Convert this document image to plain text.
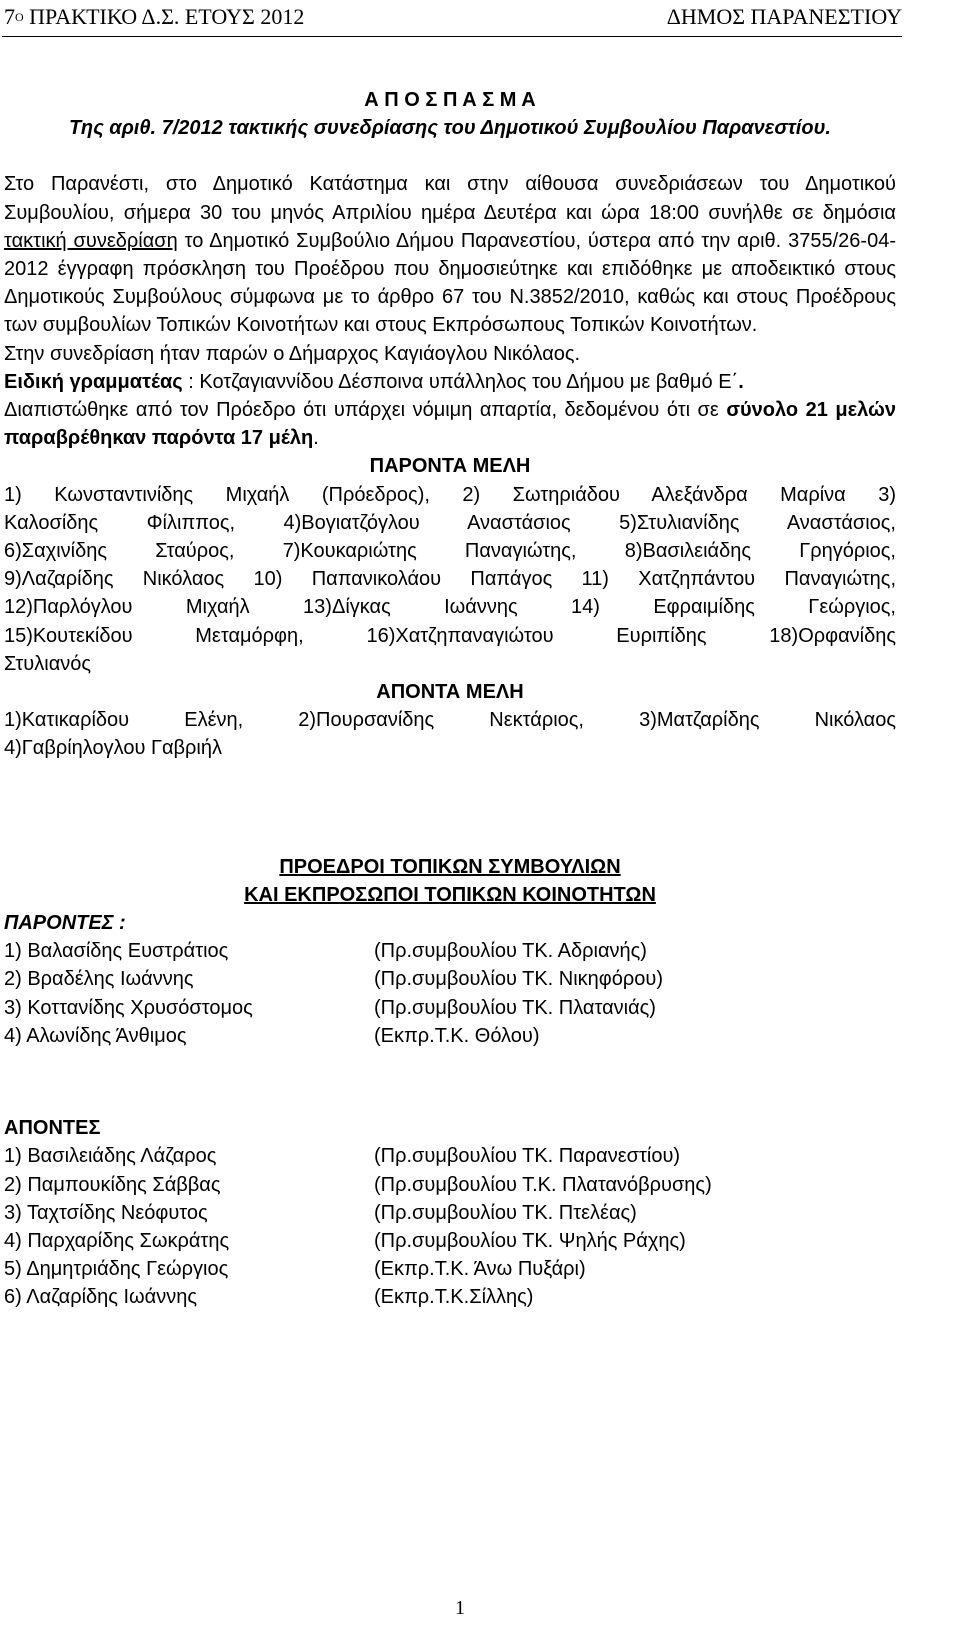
$7^O$ ΠΡΑΚΤΙΚΟ Δ.Σ. ΕΤΟΥΣ 2012	ΔΗΜΟΣ ΠΑΡΑΝΕΣΤΙΟΥ

Α Π Ο Σ Π Α Σ Μ Α

Της αριθ. 7/2012 τακτικής συνεδρίασης του Δημοτικού Συμβουλίου Παρανεστίου.

Στο Παρανέστι, στο Δημοτικό Κατάστημα και στην αίθουσα συνεδριάσεων του Δημοτικού Συμβουλίου, σήμερα 30 του μηνός Απριλίου ημέρα Δευτέρα και ώρα 18:00 συνήλθε σε δημόσια τακτική συνεδρίαση το Δημοτικό Συμβούλιο Δήμου Παρανεστίου, ύστερα από την αριθ. 3755/26-04-2012 έγγραφη πρόσκληση του Προέδρου που δημοσιεύτηκε και επιδόθηκε με αποδεικτικό στους Δημοτικούς Συμβούλους σύμφωνα με το άρθρο 67 του Ν.3852/2010, καθώς και στους Προέδρους των συμβουλίων Τοπικών Κοινοτήτων και στους Εκπρόσωπους Τοπικών Κοινοτήτων.

Στην συνεδρίαση ήταν παρών ο Δήμαρχος Καγιάογλου Νικόλαος.

Ειδική γραμματέας : Κοτζαγιαννίδου Δέσποινα υπάλληλος του Δήμου με βαθμό Ε΄.

Διαπιστώθηκε από τον Πρόεδρο ότι υπάρχει νόμιμη απαρτία, δεδομένου ότι σε σύνολο 21 μελών παραβρέθηκαν παρόντα 17 μέλη.

ΠΑΡΟΝΤΑ ΜΕΛΗ

1) Κωνσταντινίδης Μιχαήλ (Πρόεδρος), 2) Σωτηριάδου Αλεξάνδρα Μαρίνα 3)

Καλοσίδης Φίλιππος, 4)Βογιατζόγλου Αναστάσιος 5)Στυλιανίδης Αναστάσιος,

6)Σαχινίδης Σταύρος, 7)Κουκαριώτης Παναγιώτης, 8)Βασιλειάδης Γρηγόριος,

9)Λαζαρίδης Νικόλαος 10) Παπανικολάου Παπάγος 11) Χατζηπάντου Παναγιώτης,

12)Παρλόγλου Μιχαήλ 13)Δίγκας Ιωάννης 14) Εφραιμίδης Γεώργιος,

15)Κουτεκίδου Μεταμόρφη, 16)Χατζηπαναγιώτου Ευριπίδης 18)Ορφανίδης

Στυλιανός

ΑΠΟΝΤΑ ΜΕΛΗ

1)Κατικαρίδου Ελένη, 2)Πουρσανίδης Νεκτάριος, 3)Ματζαρίδης Νικόλαος

4)Γαβρίηλογλου Γαβριήλ

ΠΡΟΕΔΡΟΙ ΤΟΠΙΚΩΝ ΣΥΜΒΟΥΛΙΩΝ

ΚΑΙ ΕΚΠΡΟΣΩΠΟΙ ΤΟΠΙΚΩΝ ΚΟΙΝΟΤΗΤΩΝ

ΠΑΡΟΝΤΕΣ :

1) Βαλασίδης Ευστράτιος	(Πρ.συμβουλίου ΤΚ. Αδριανής)
2) Βραδέλης Ιωάννης	(Πρ.συμβουλίου ΤΚ. Νικηφόρου)
3) Κοττανίδης Χρυσόστομος	(Πρ.συμβουλίου ΤΚ. Πλατανιάς)
4) Αλωνίδης Άνθιμος	(Εκπρ.Τ.Κ. Θόλου)

ΑΠΟΝΤΕΣ

1) Βασιλειάδης Λάζαρος	(Πρ.συμβουλίου ΤΚ. Παρανεστίου)
2) Παμπουκίδης Σάββας	(Πρ.συμβουλίου Τ.Κ. Πλατανόβρυσης)
3) Ταχτσίδης Νεόφυτος	(Πρ.συμβουλίου ΤΚ. Πτελέας)
4) Παρχαρίδης Σωκράτης	(Πρ.συμβουλίου ΤΚ. Ψηλής Ράχης)
5) Δημητριάδης Γεώργιος	(Εκπρ.Τ.Κ. Άνω Πυξάρι)
6) Λαζαρίδης Ιωάννης	(Εκπρ.Τ.Κ.Σίλλης)
1
